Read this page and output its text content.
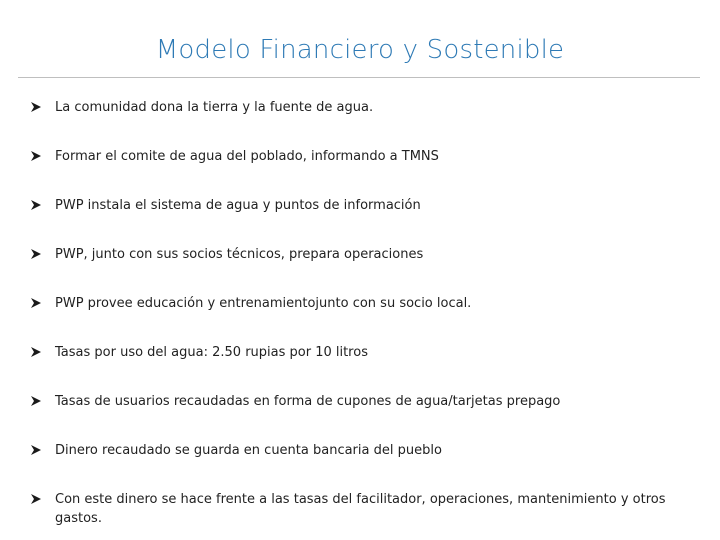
Modelo Financiero y Sostenible
La comunidad dona la tierra y la fuente de agua.
Formar el comite de agua del poblado, informando a TMNS
PWP instala el sistema de agua y puntos de información
PWP, junto con sus socios técnicos, prepara operaciones
PWP provee educación y entrenamientojunto con su socio local.
Tasas por uso del agua: 2.50 rupias por 10 litros
Tasas de usuarios recaudadas en forma de cupones de agua/tarjetas prepago
Dinero recaudado se guarda en cuenta bancaria del pueblo
Con este dinero se hace frente a las tasas del facilitador, operaciones, mantenimiento y otros gastos.
